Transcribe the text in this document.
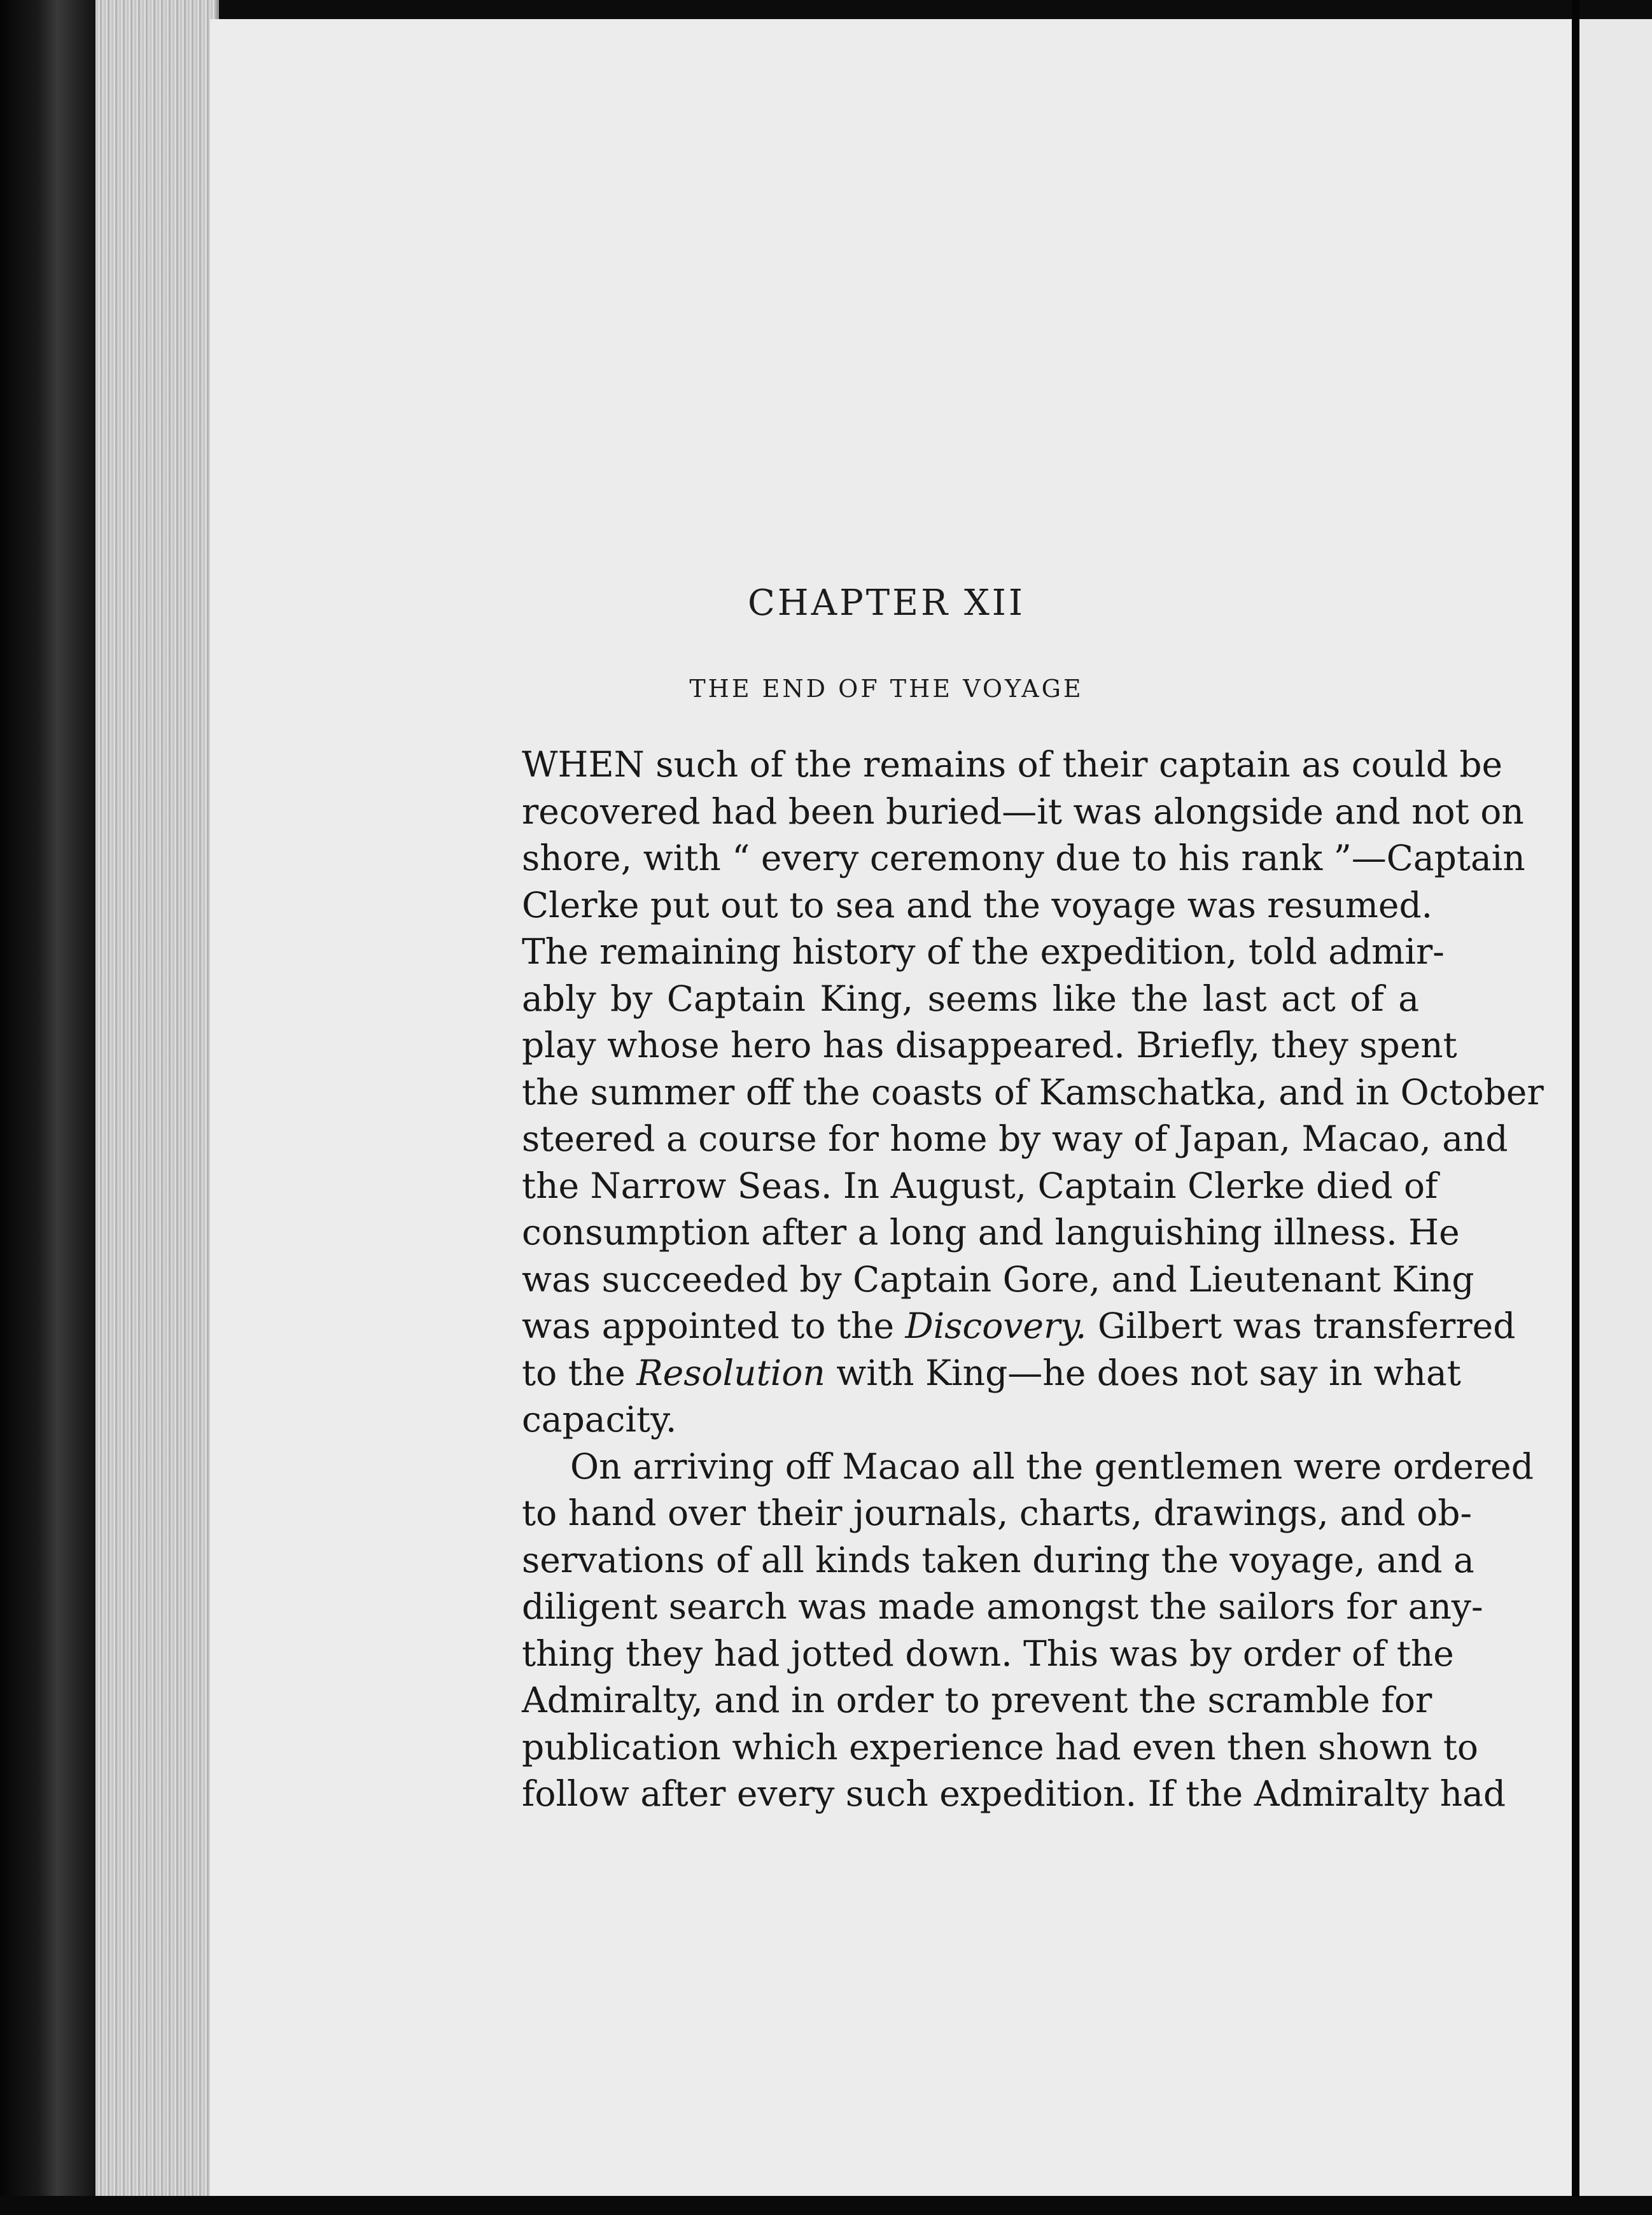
CHAPTER XII
THE END OF THE VOYAGE
WHEN such of the remains of their captain as could be
recovered had been buried—it was alongside and not on
shore, with “ every ceremony due to his rank ”—Captain
Clerke put out to sea and the voyage was resumed.
The remaining history of the expedition, told admir-
ably by Captain King, seems like the last act of a
play whose hero has disappeared. Briefly, they spent
the summer off the coasts of Kamschatka, and in October
steered a course for home by way of Japan, Macao, and
the Narrow Seas. In August, Captain Clerke died of
consumption after a long and languishing illness. He
was succeeded by Captain Gore, and Lieutenant King
was appointed to the Discovery. Gilbert was transferred
to the Resolution with King—he does not say in what
capacity.
On arriving off Macao all the gentlemen were ordered
to hand over their journals, charts, drawings, and ob-
servations of all kinds taken during the voyage, and a
diligent search was made amongst the sailors for any-
thing they had jotted down. This was by order of the
Admiralty, and in order to prevent the scramble for
publication which experience had even then shown to
follow after every such expedition. If the Admiralty had
